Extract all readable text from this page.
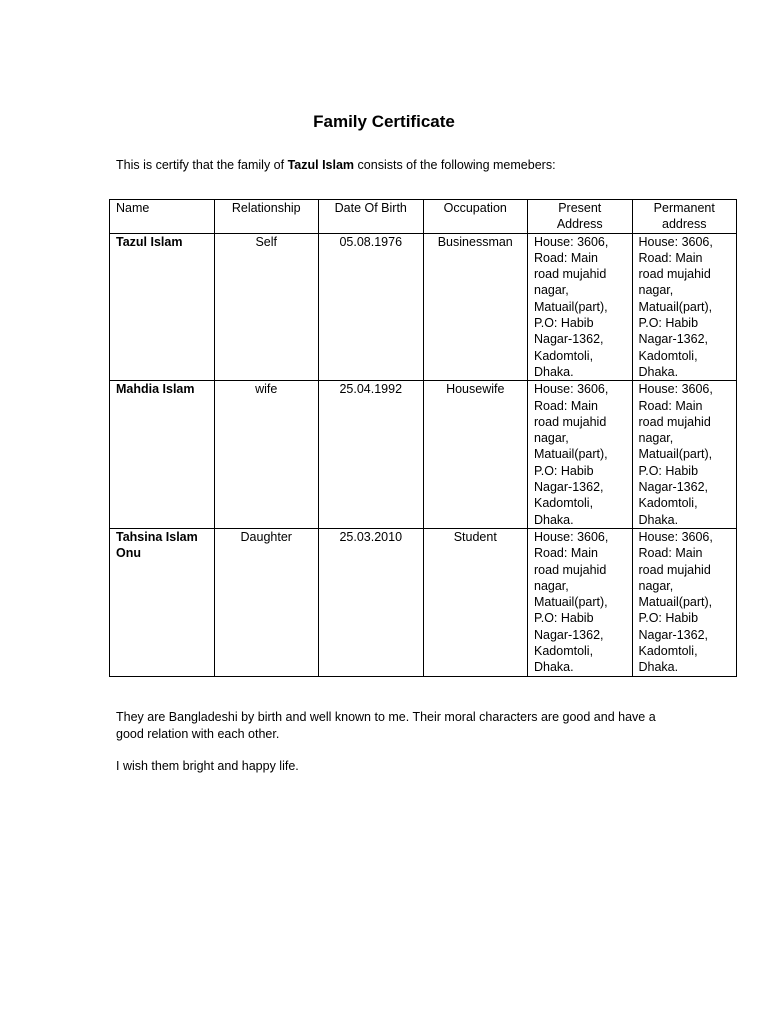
Family Certificate
This is certify that the family of Tazul Islam consists of the following memebers:
Name	Relationship	Date Of Birth	Occupation	Present Address	Permanent address
Tazul Islam	Self	05.08.1976	Businessman	House: 3606, Road: Main road mujahid nagar, Matuail(part), P.O: Habib Nagar-1362, Kadomtoli, Dhaka.	House: 3606, Road: Main road mujahid nagar, Matuail(part), P.O: Habib Nagar-1362, Kadomtoli, Dhaka.
Mahdia Islam	wife	25.04.1992	Housewife	House: 3606, Road: Main road mujahid nagar, Matuail(part), P.O: Habib Nagar-1362, Kadomtoli, Dhaka.	House: 3606, Road: Main road mujahid nagar, Matuail(part), P.O: Habib Nagar-1362, Kadomtoli, Dhaka.
Tahsina Islam Onu	Daughter	25.03.2010	Student	House: 3606, Road: Main road mujahid nagar, Matuail(part), P.O: Habib Nagar-1362, Kadomtoli, Dhaka.	House: 3606, Road: Main road mujahid nagar, Matuail(part), P.O: Habib Nagar-1362, Kadomtoli, Dhaka.
They are Bangladeshi by birth and well known to me. Their moral characters are good and have a good relation with each other.
I wish them bright and happy life.
